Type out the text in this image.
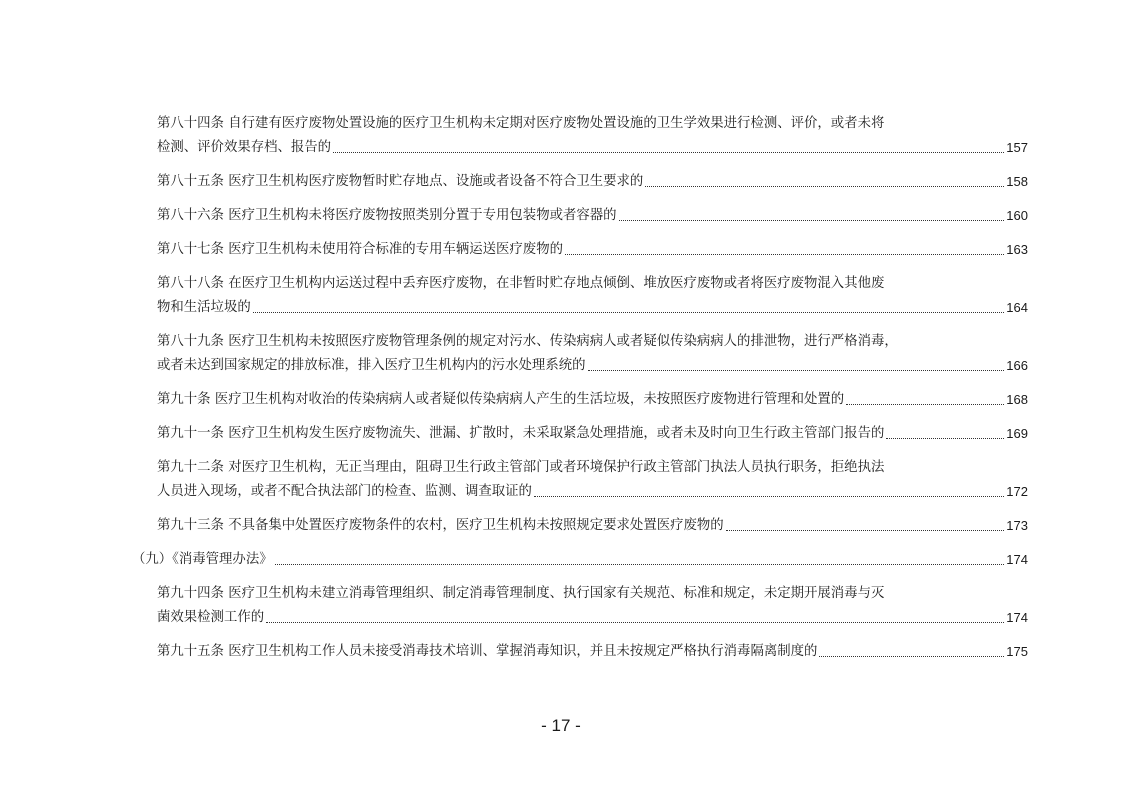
第八十四条 自行建有医疗废物处置设施的医疗卫生机构未定期对医疗废物处置设施的卫生学效果进行检测、评价，或者未将
检测、评价效果存档、报告的	157
第八十五条 医疗卫生机构医疗废物暂时贮存地点、设施或者设备不符合卫生要求的	158
第八十六条 医疗卫生机构未将医疗废物按照类别分置于专用包装物或者容器的	160
第八十七条 医疗卫生机构未使用符合标准的专用车辆运送医疗废物的	163
第八十八条 在医疗卫生机构内运送过程中丢弃医疗废物，在非暂时贮存地点倾倒、堆放医疗废物或者将医疗废物混入其他废
物和生活垃圾的	164
第八十九条 医疗卫生机构未按照医疗废物管理条例的规定对污水、传染病病人或者疑似传染病病人的排泄物，进行严格消毒，
或者未达到国家规定的排放标准，排入医疗卫生机构内的污水处理系统的	166
第九十条 医疗卫生机构对收治的传染病病人或者疑似传染病病人产生的生活垃圾，未按照医疗废物进行管理和处置的	168
第九十一条 医疗卫生机构发生医疗废物流失、泄漏、扩散时，未采取紧急处理措施，或者未及时向卫生行政主管部门报告的	169
第九十二条 对医疗卫生机构，无正当理由，阻碍卫生行政主管部门或者环境保护行政主管部门执法人员执行职务，拒绝执法
人员进入现场，或者不配合执法部门的检查、监测、调查取证的	172
第九十三条 不具备集中处置医疗废物条件的农村，医疗卫生机构未按照规定要求处置医疗废物的	173
（九）《消毒管理办法》	174
第九十四条 医疗卫生机构未建立消毒管理组织、制定消毒管理制度、执行国家有关规范、标准和规定，未定期开展消毒与灭
菌效果检测工作的	174
第九十五条 医疗卫生机构工作人员未接受消毒技术培训、掌握消毒知识，并且未按规定严格执行消毒隔离制度的	175
- 17 -
